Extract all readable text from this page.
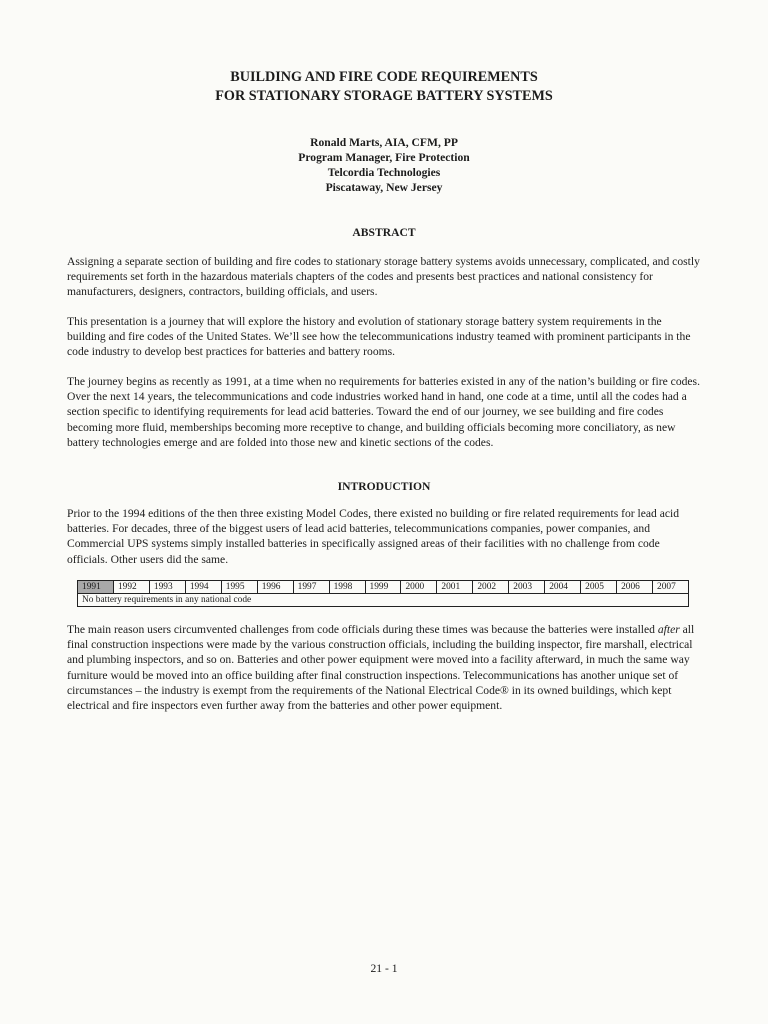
BUILDING AND FIRE CODE REQUIREMENTS
FOR STATIONARY STORAGE BATTERY SYSTEMS
Ronald Marts, AIA, CFM, PP
Program Manager, Fire Protection
Telcordia Technologies
Piscataway, New Jersey
ABSTRACT

Assigning a separate section of building and fire codes to stationary storage battery systems avoids unnecessary, complicated, and costly requirements set forth in the hazardous materials chapters of the codes and presents best practices and national consistency for manufacturers, designers, contractors, building officials, and users.

This presentation is a journey that will explore the history and evolution of stationary storage battery system requirements in the building and fire codes of the United States. We’ll see how the telecommunications industry teamed with prominent participants in the code industry to develop best practices for batteries and battery rooms.

The journey begins as recently as 1991, at a time when no requirements for batteries existed in any of the nation’s building or fire codes. Over the next 14 years, the telecommunications and code industries worked hand in hand, one code at a time, until all the codes had a section specific to identifying requirements for lead acid batteries. Toward the end of our journey, we see building and fire codes becoming more fluid, memberships becoming more receptive to change, and building officials becoming more conciliatory, as new battery technologies emerge and are folded into those new and kinetic sections of the codes.

INTRODUCTION

Prior to the 1994 editions of the then three existing Model Codes, there existed no building or fire related requirements for lead acid batteries. For decades, three of the biggest users of lead acid batteries, telecommunications companies, power companies, and Commercial UPS systems simply installed batteries in specifically assigned areas of their facilities with no challenge from code officials. Other users did the same.

1991	1992	1993	1994	1995	1996	1997	1998	1999	2000	2001	2002	2003	2004	2005	2006	2007
No battery requirements in any national code

The main reason users circumvented challenges from code officials during these times was because the batteries were installed after all final construction inspections were made by the various construction officials, including the building inspector, fire marshall, electrical and plumbing inspectors, and so on. Batteries and other power equipment were moved into a facility afterward, in much the same way furniture would be moved into an office building after final construction inspections. Telecommunications has another unique set of circumstances – the industry is exempt from the requirements of the National Electrical Code® in its owned buildings, which kept electrical and fire inspectors even further away from the batteries and other power equipment.

21 - 1
